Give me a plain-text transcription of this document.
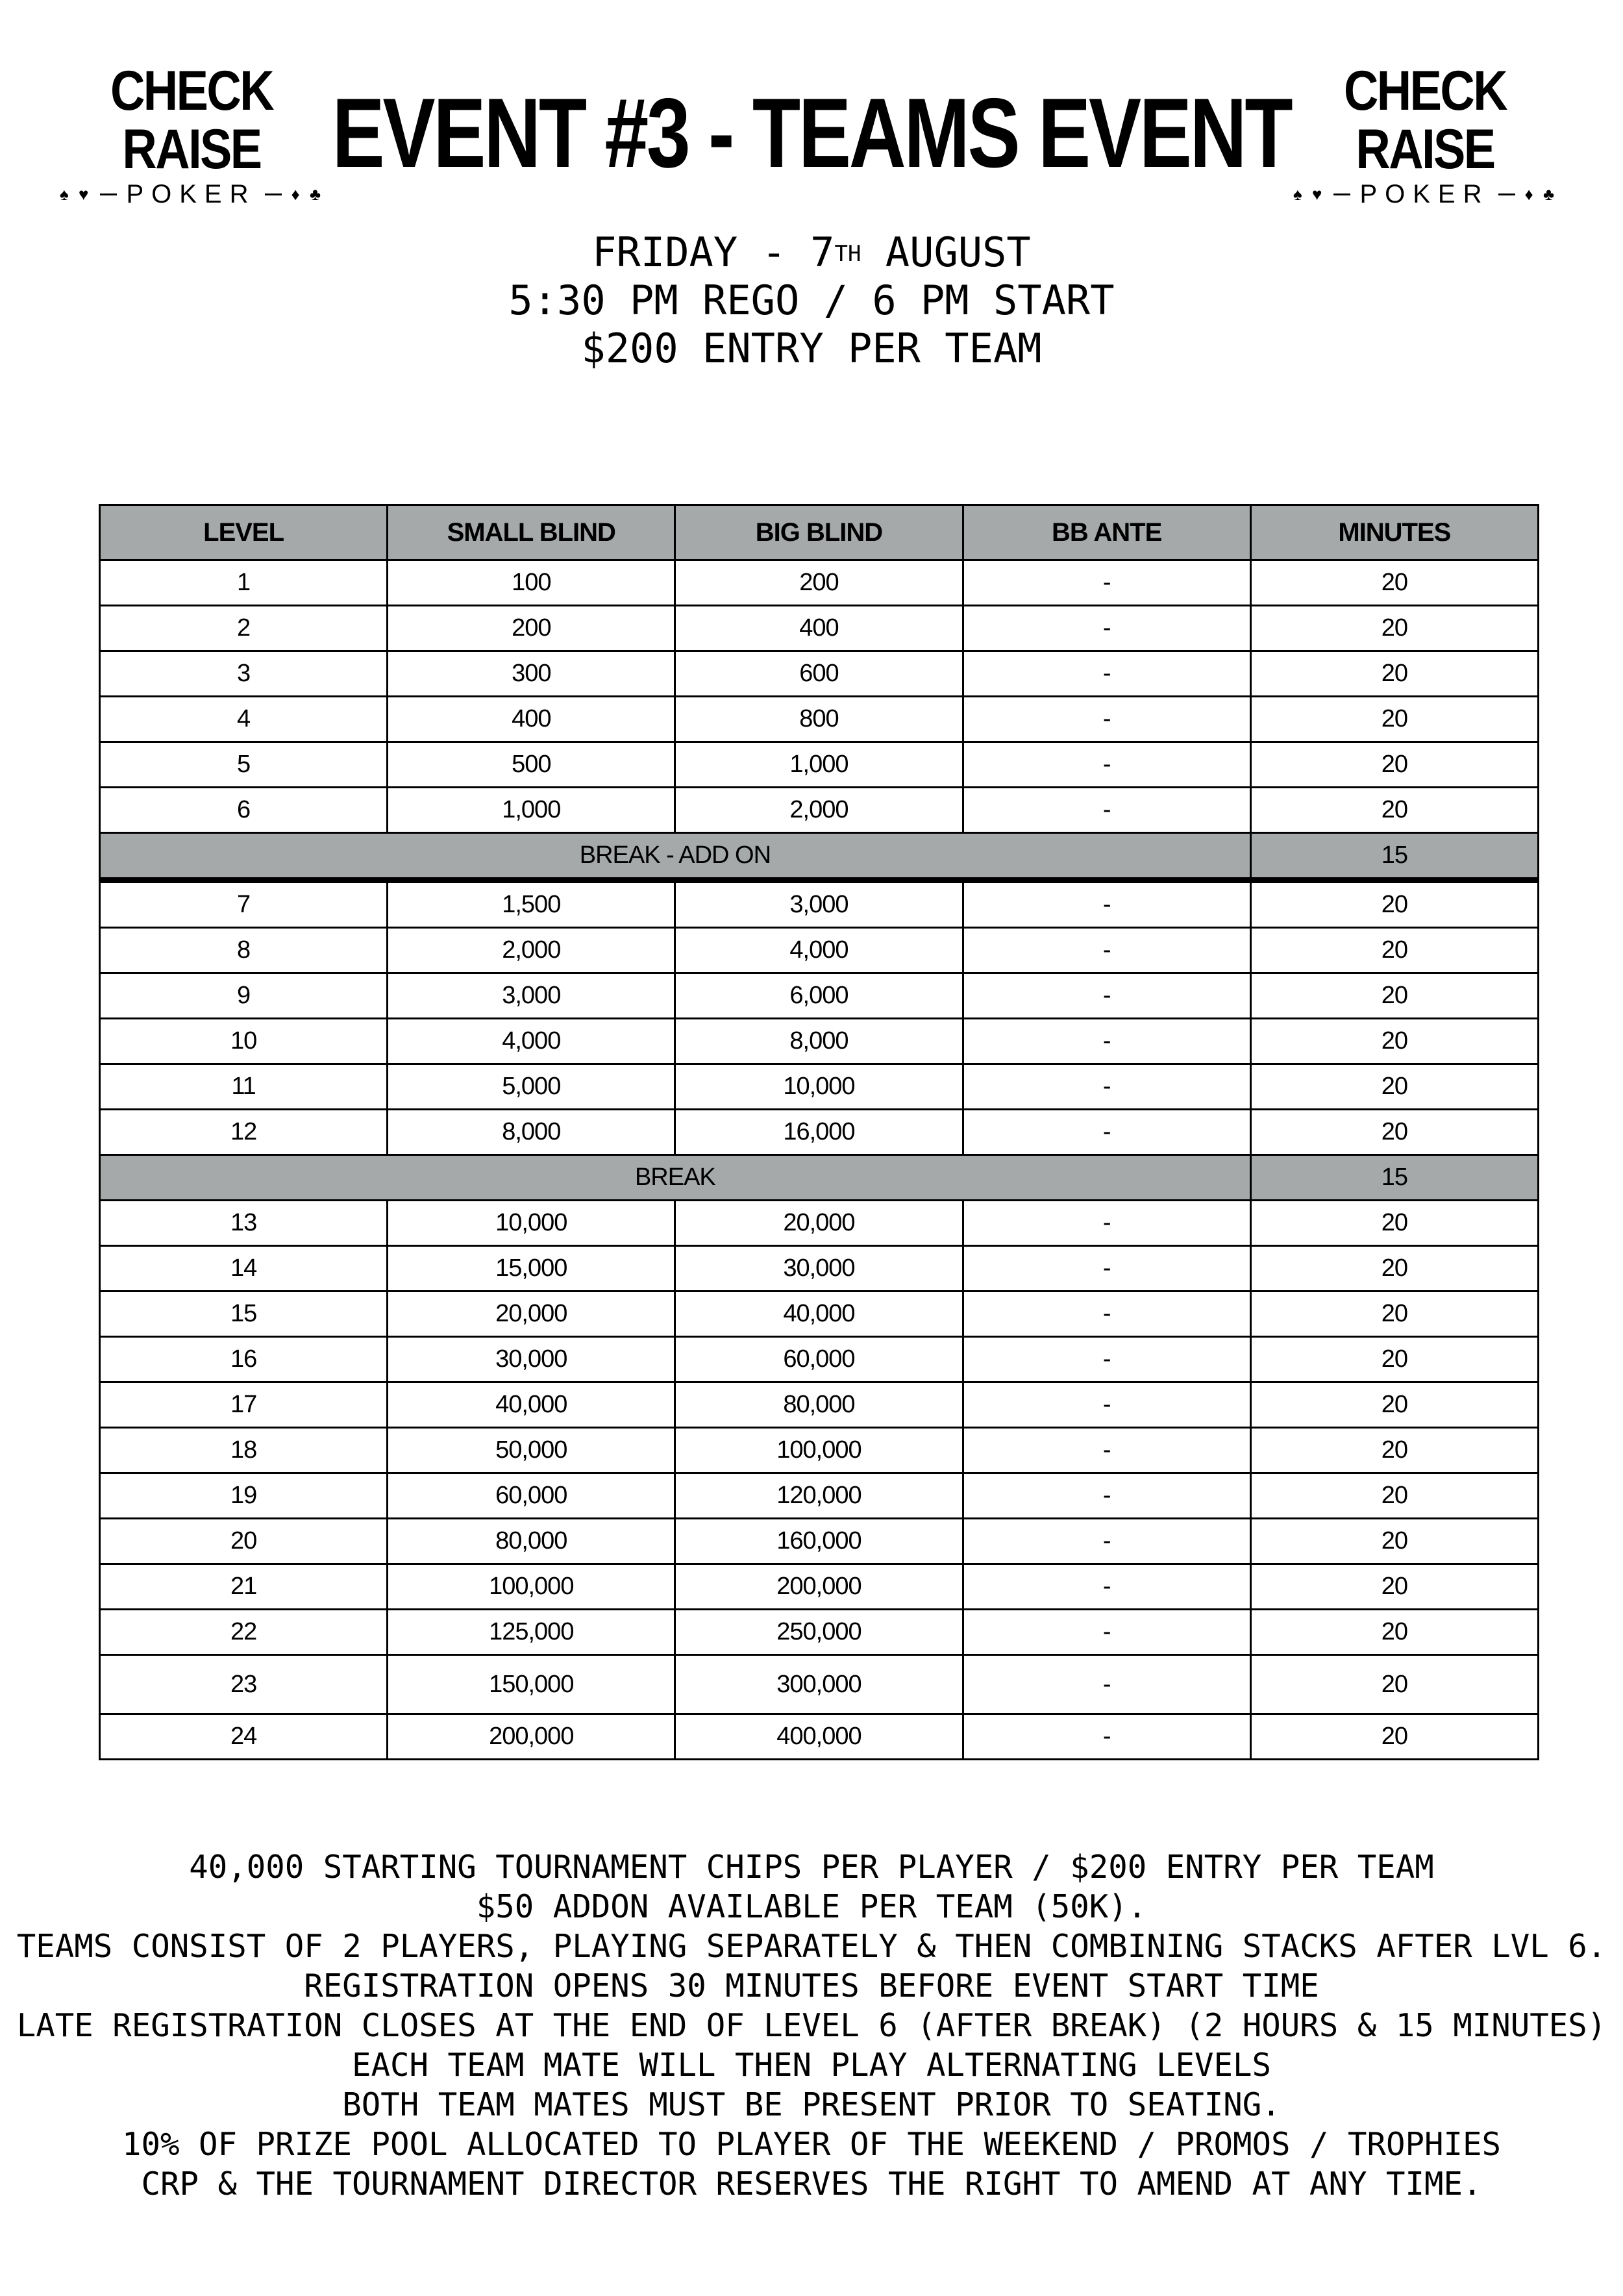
CHECK RAISE
♠ ♥ POKER ♦ ♣
EVENT #3 - TEAMS EVENT CHECK RAISE
♠ ♥ POKER ♦ ♣
FRIDAY - 7TH AUGUST
5:30 PM REGO / 6 PM START
$200 ENTRY PER TEAM
LEVEL	SMALL BLIND	BIG BLIND	BB ANTE	MINUTES
1	100	200	-	20
2	200	400	-	20
3	300	600	-	20
4	400	800	-	20
5	500	1,000	-	20
6	1,000	2,000	-	20
BREAK - ADD ON				15
7	1,500	3,000	-	20
8	2,000	4,000	-	20
9	3,000	6,000	-	20
10	4,000	8,000	-	20
11	5,000	10,000	-	20
12	8,000	16,000	-	20
BREAK				15
13	10,000	20,000	-	20
14	15,000	30,000	-	20
15	20,000	40,000	-	20
16	30,000	60,000	-	20
17	40,000	80,000	-	20
18	50,000	100,000	-	20
19	60,000	120,000	-	20
20	80,000	160,000	-	20
21	100,000	200,000	-	20
22	125,000	250,000	-	20
23	150,000	300,000	-	20
24	200,000	400,000	-	20
40,000 STARTING TOURNAMENT CHIPS PER PLAYER / $200 ENTRY PER TEAM
$50 ADDON AVAILABLE PER TEAM (50K).
TEAMS CONSIST OF 2 PLAYERS, PLAYING SEPARATELY & THEN COMBINING STACKS AFTER LVL 6.
REGISTRATION OPENS 30 MINUTES BEFORE EVENT START TIME
LATE REGISTRATION CLOSES AT THE END OF LEVEL 6 (AFTER BREAK) (2 HOURS & 15 MINUTES)
EACH TEAM MATE WILL THEN PLAY ALTERNATING LEVELS
BOTH TEAM MATES MUST BE PRESENT PRIOR TO SEATING.
10% OF PRIZE POOL ALLOCATED TO PLAYER OF THE WEEKEND / PROMOS / TROPHIES
CRP & THE TOURNAMENT DIRECTOR RESERVES THE RIGHT TO AMEND AT ANY TIME.
